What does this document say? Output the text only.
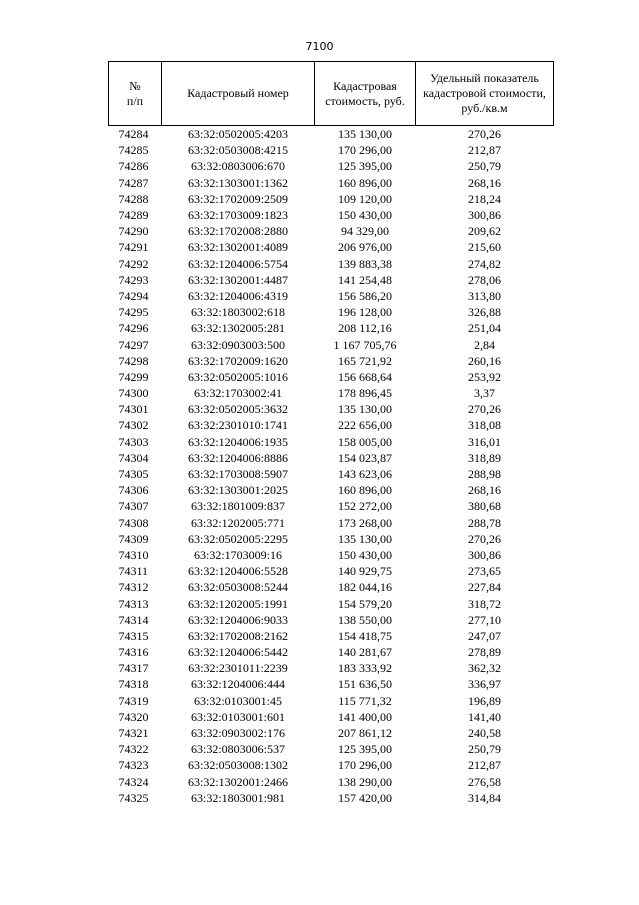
7100
№
п/п	Кадастровый номер	Кадастровая стоимость, руб.	Удельный показатель кадастровой стоимости, руб./кв.м
74284	63:32:0502005:4203	135 130,00	270,26
74285	63:32:0503008:4215	170 296,00	212,87
74286	63:32:0803006:670	125 395,00	250,79
74287	63:32:1303001:1362	160 896,00	268,16
74288	63:32:1702009:2509	109 120,00	218,24
74289	63:32:1703009:1823	150 430,00	300,86
74290	63:32:1702008:2880	94 329,00	209,62
74291	63:32:1302001:4089	206 976,00	215,60
74292	63:32:1204006:5754	139 883,38	274,82
74293	63:32:1302001:4487	141 254,48	278,06
74294	63:32:1204006:4319	156 586,20	313,80
74295	63:32:1803002:618	196 128,00	326,88
74296	63:32:1302005:281	208 112,16	251,04
74297	63:32:0903003:500	1 167 705,76	2,84
74298	63:32:1702009:1620	165 721,92	260,16
74299	63:32:0502005:1016	156 668,64	253,92
74300	63:32:1703002:41	178 896,45	3,37
74301	63:32:0502005:3632	135 130,00	270,26
74302	63:32:2301010:1741	222 656,00	318,08
74303	63:32:1204006:1935	158 005,00	316,01
74304	63:32:1204006:8886	154 023,87	318,89
74305	63:32:1703008:5907	143 623,06	288,98
74306	63:32:1303001:2025	160 896,00	268,16
74307	63:32:1801009:837	152 272,00	380,68
74308	63:32:1202005:771	173 268,00	288,78
74309	63:32:0502005:2295	135 130,00	270,26
74310	63:32:1703009:16	150 430,00	300,86
74311	63:32:1204006:5528	140 929,75	273,65
74312	63:32:0503008:5244	182 044,16	227,84
74313	63:32:1202005:1991	154 579,20	318,72
74314	63:32:1204006:9033	138 550,00	277,10
74315	63:32:1702008:2162	154 418,75	247,07
74316	63:32:1204006:5442	140 281,67	278,89
74317	63:32:2301011:2239	183 333,92	362,32
74318	63:32:1204006:444	151 636,50	336,97
74319	63:32:0103001:45	115 771,32	196,89
74320	63:32:0103001:601	141 400,00	141,40
74321	63:32:0903002:176	207 861,12	240,58
74322	63:32:0803006:537	125 395,00	250,79
74323	63:32:0503008:1302	170 296,00	212,87
74324	63:32:1302001:2466	138 290,00	276,58
74325	63:32:1803001:981	157 420,00	314,84
